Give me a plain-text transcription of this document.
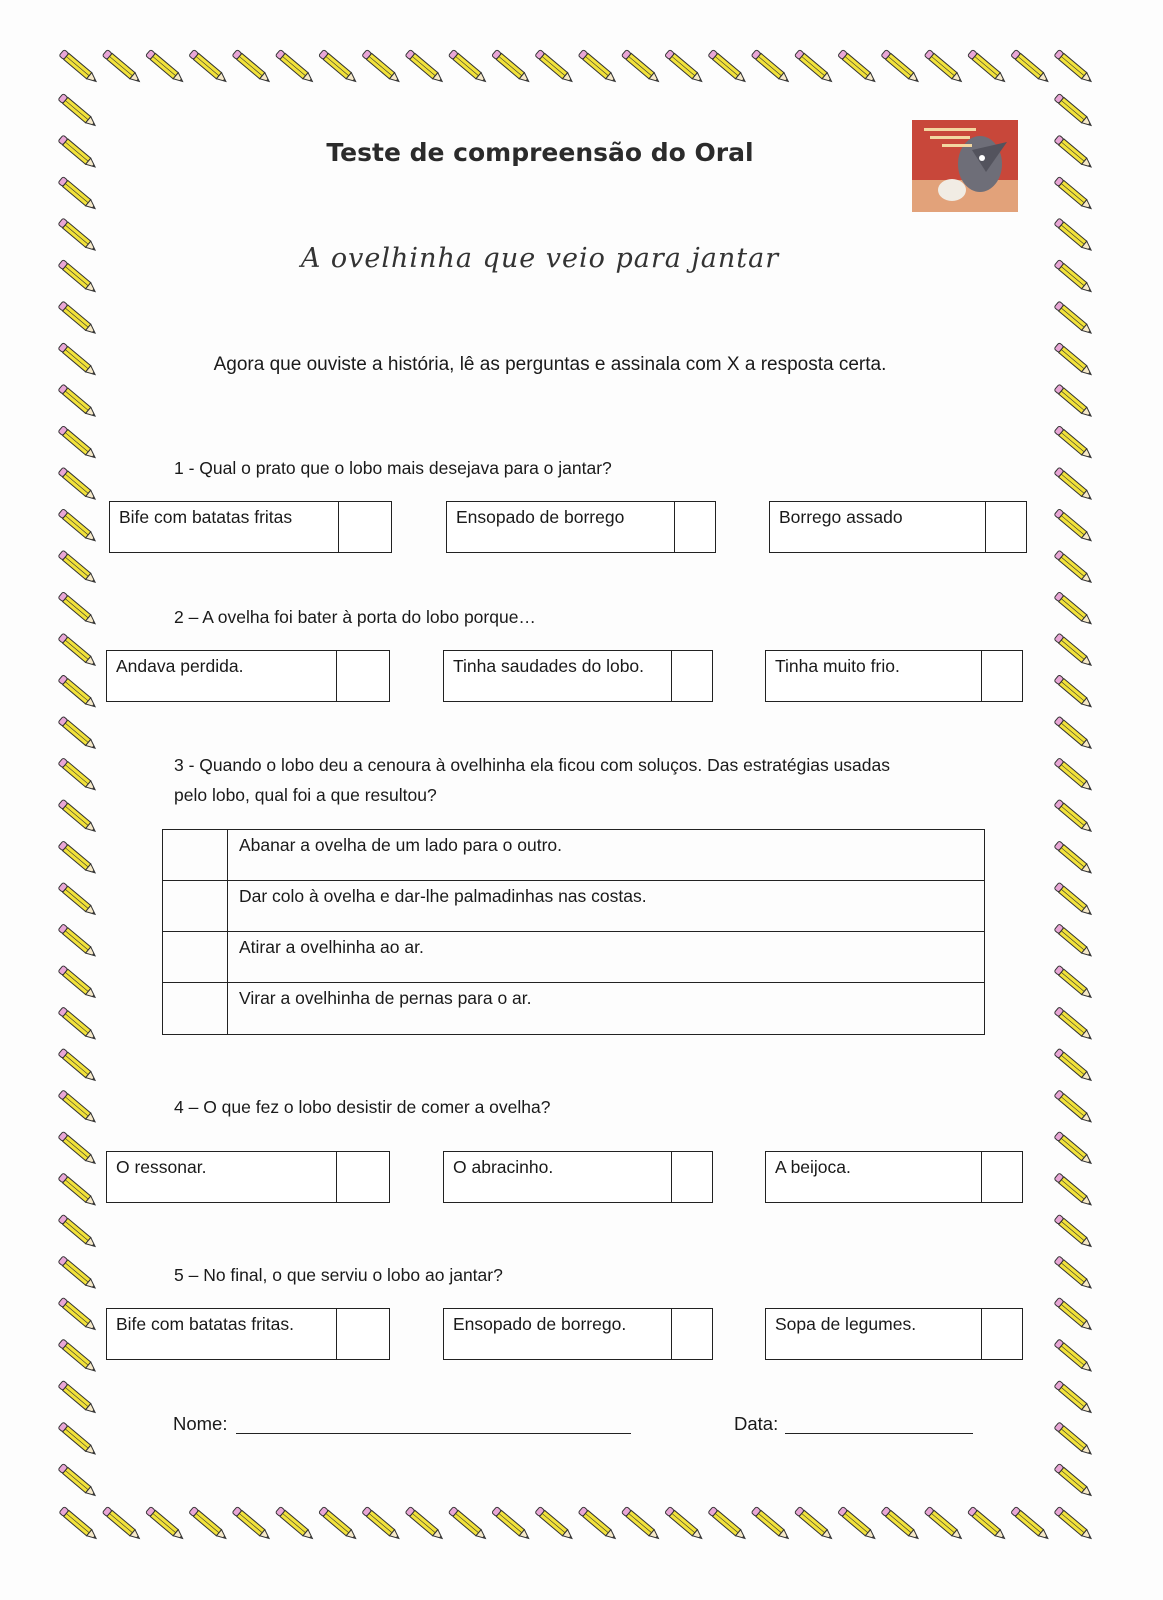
Teste de compreensão do Oral
A ovelhinha que veio para jantar
Agora que ouviste a história, lê as perguntas e assinala com X a resposta certa.
1 - Qual o prato que o lobo mais desejava para o jantar?
Bife com batatas fritas	Ensopado de borrego	Borrego assado
2 – A ovelha foi bater à porta do lobo porque…
Andava perdida.	Tinha saudades do lobo.	Tinha muito frio.
3 - Quando o lobo deu a cenoura à ovelhinha ela ficou com soluços. Das estratégias usadas
pelo lobo, qual foi a que resultou?
Abanar a ovelha de um lado para o outro.
Dar colo à ovelha e dar-lhe palmadinhas nas costas.
Atirar a ovelhinha ao ar.
Virar a ovelhinha de pernas para o ar.
4 – O que fez o lobo desistir de comer a ovelha?
O ressonar.	O abracinho.	A beijoca.
5 – No final, o que serviu o lobo ao jantar?
Bife com batatas fritas.	Ensopado de borrego.	Sopa de legumes.
Nome:	Data:
